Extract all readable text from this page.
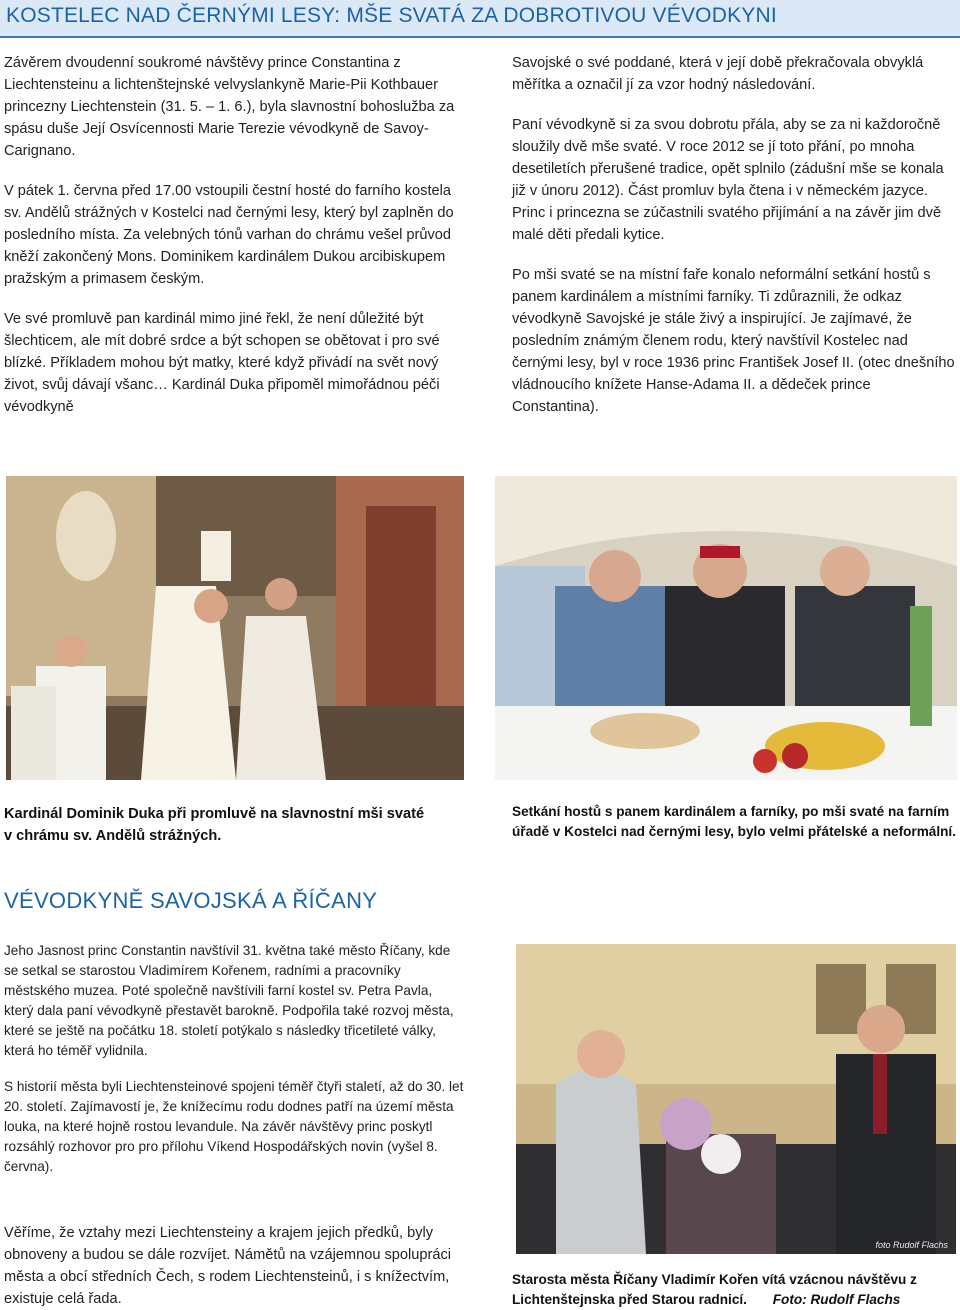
KOSTELEC NAD ČERNÝMI LESY: MŠE SVATÁ ZA DOBROTIVOU VÉVODKYNI

Závěrem dvoudenní soukromé návštěvy prince Constantina z Liechtensteinu a lichtenštejnské velvyslankyně Marie-Pii Kothbauer princezny Liechtenstein (31. 5. – 1. 6.), byla slavnostní bohoslužba za spásu duše Její Osvícennosti Marie Terezie vévodkyně de Savoy-Carignano.

V pátek 1. června před 17.00 vstoupili čestní hosté do farního kostela sv. Andělů strážných v Kostelci nad černými lesy, který byl zaplněn do posledního místa. Za velebných tónů varhan do chrámu vešel průvod kněží zakončený Mons. Dominikem kardinálem Dukou arcibiskupem pražským a primasem českým.

Ve své promluvě pan kardinál mimo jiné řekl, že není důležité být šlechticem, ale mít dobré srdce a být schopen se obětovat i pro své blízké. Příkladem mohou být matky, které když přivádí na svět nový život, svůj dávají všanc… Kardinál Duka připoměl mimořádnou péči vévodkyně

Savojské o své poddané, která v její době překračovala obvyklá měřítka a označil jí za vzor hodný následování.

Paní vévodkyně si za svou dobrotu přála, aby se za ni každoročně sloužily dvě mše svaté. V roce 2012 se jí toto přání, po mnoha desetiletích přerušené tradice, opět splnilo (zádušní mše se konala již v únoru 2012). Část promluv byla čtena i v německém jazyce. Princ i princezna se zúčastnili svatého přijímání a na závěr jim dvě malé děti předali kytice.

Po mši svaté se na místní faře konalo neformální setkání hostů s panem kardinálem a místními farníky. Ti zdůraznili, že odkaz vévodkyně Savojské je stále živý a inspirující. Je zajímavé, že posledním známým členem rodu, který navštívil Kostelec nad černými lesy, byl v roce 1936 princ František Josef II. (otec dnešního vládnoucího knížete Hanse-Adama II. a dědeček prince Constantina).

Kardinál Dominik Duka při promluvě na slavnostní mši svaté v chrámu sv. Andělů strážných.
Setkání hostů s panem kardinálem a farníky, po mši svaté na farním úřadě v Kostelci nad černými lesy, bylo velmi přátelské a neformální.
VÉVODKYNĚ SAVOJSKÁ A ŘÍČANY

Jeho Jasnost princ Constantin navštívil 31. května také město Říčany, kde se setkal se starostou Vladimírem Kořenem, radními a pracovníky městského muzea. Poté společně navštívili farní kostel sv. Petra Pavla, který dala paní vévodkyně přestavět barokně. Podpořila také rozvoj města, které se ještě na počátku 18. století potýkalo s následky třicetileté války, která ho téměř vylidnila.

S historií města byli Liechtensteinové spojeni téměř čtyři staletí, až do 30. let 20. století. Zajímavostí je, že knížecímu rodu dodnes patří na území města louka, na které hojně rostou levandule. Na závěr návštěvy princ poskytl rozsáhlý rozhovor pro pro přílohu Víkend Hospodářských novin (vyšel 8. června).

Věříme, že vztahy mezi Liechtensteiny a krajem jejich předků, byly obnoveny a budou se dále rozvíjet. Námětů na vzájemnou spolupráci města a obcí středních Čech, s rodem Liechtensteinů, i s knížectvím, existuje celá řada.

foto Rudolf Flachs
Starosta města Říčany Vladimír Kořen vítá vzácnou návštěvu z Lichtenštejnska před Starou radnicí. Foto: Rudolf Flachs
